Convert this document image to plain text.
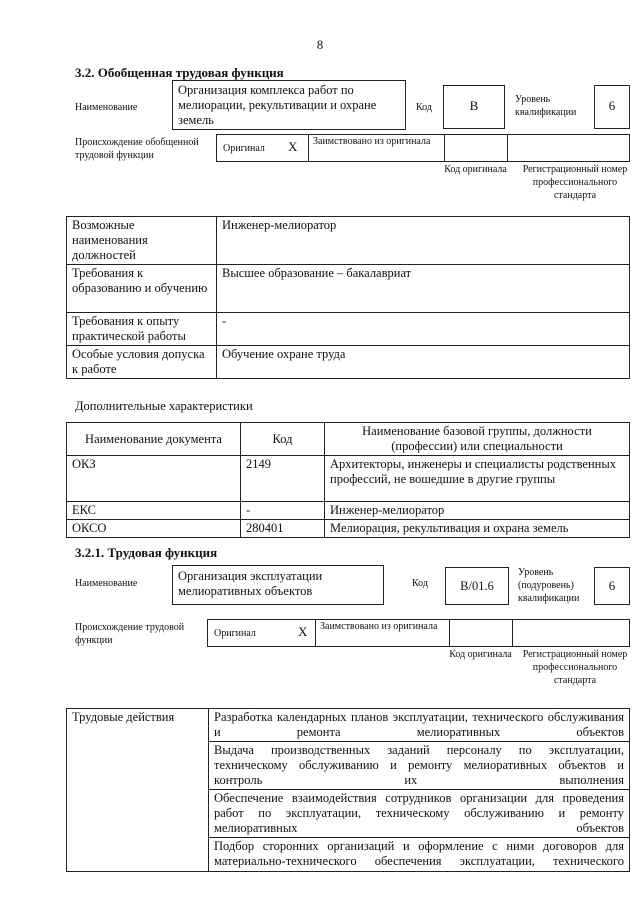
8
3.2. Обобщенная трудовая функция
Наименование
Организация комплекса работ по мелиорации, рекультивации и охране земель
Код	B	Уровень квалификации	6
Происхождение обобщенной трудовой функции
Оригинал X Заимствовано из оригинала
Код оригинала Регистрационный номер профессионального стандарта
Возможные наименования должностей	Инженер-мелиоратор
Требования к образованию и обучению	Высшее образование – бакалавриат
Требования к опыту практической работы	-
Особые условия допуска к работе	Обучение охране труда
Дополнительные характеристики
Наименование документа	Код	Наименование базовой группы, должности (профессии) или специальности
ОКЗ	2149	Архитекторы, инженеры и специалисты родственных профессий, не вошедшие в другие группы
ЕКС	-	Инженер-мелиоратор
ОКСО	280401	Мелиорация, рекультивация и охрана земель
3.2.1. Трудовая функция
Наименование
Организация эксплуатации мелиоративных объектов
Код	B/01.6
Уровень (подуровень) квалификации
6
Происхождение трудовой функции
Оригинал	X Заимствовано из оригинала
Код оригинала Регистрационный номер профессионального стандарта
Трудовые действия	Разработка календарных планов эксплуатации, технического обслуживания и ремонта мелиоративных объектов
Выдача производственных заданий персоналу по эксплуатации, техническому обслуживанию и ремонту мелиоративных объектов и контроль их выполнения
Обеспечение взаимодействия сотрудников организации для проведения работ по эксплуатации, техническому обслуживанию и ремонту мелиоративных объектов
Подбор сторонних организаций и оформление с ними договоров для материально-технического обеспечения эксплуатации, технического
